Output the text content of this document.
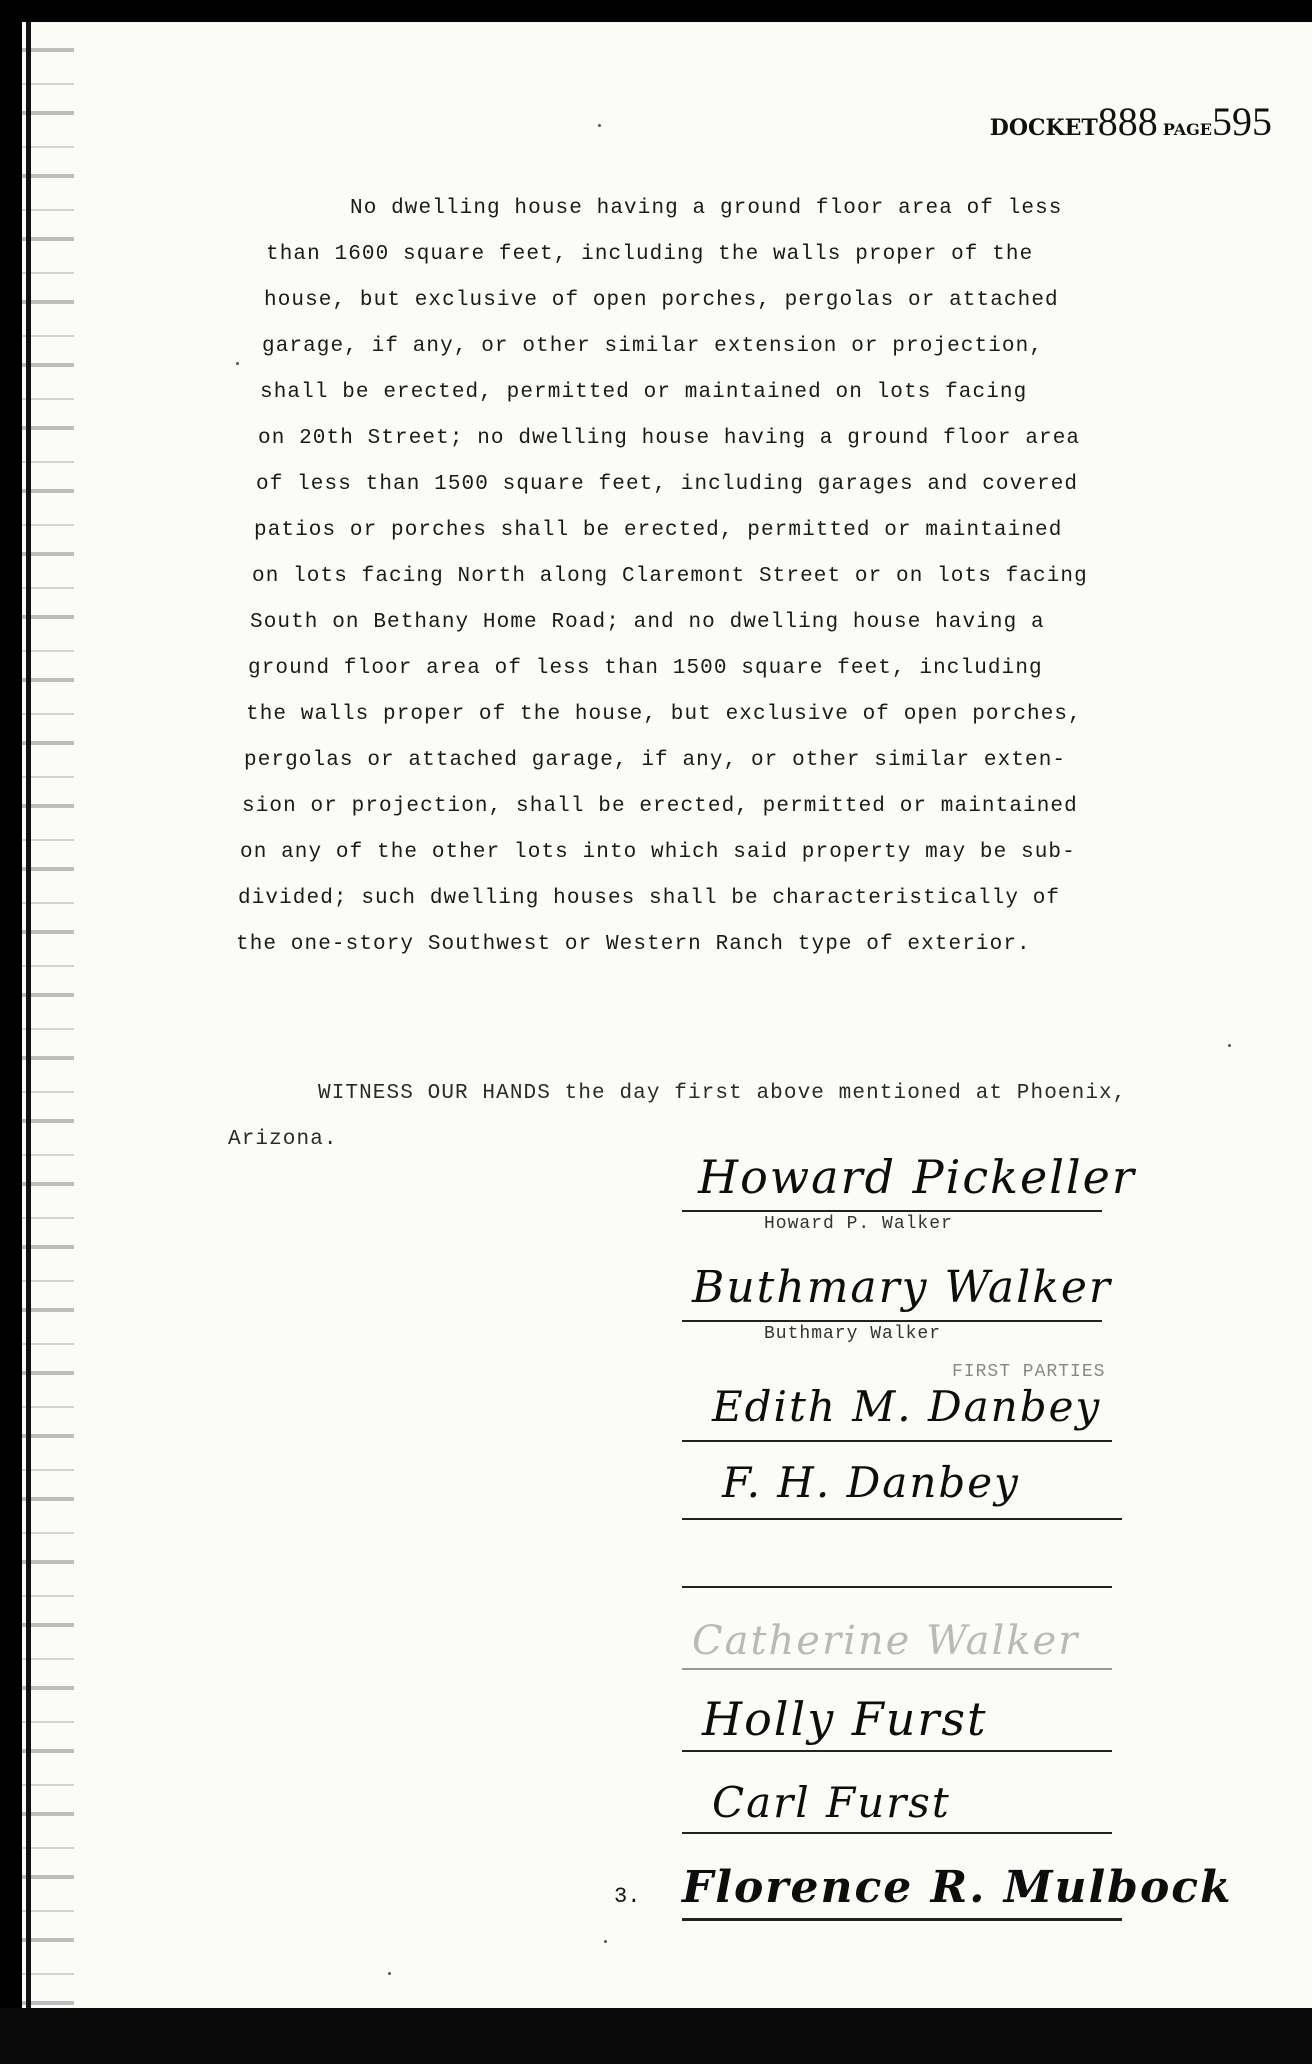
DOCKET888 PAGE595
No dwelling house having a ground floor area of less
than 1600 square feet, including the walls proper of the
house, but exclusive of open porches, pergolas or attached
garage, if any, or other similar extension or projection,
shall be erected, permitted or maintained on lots facing
on 20th Street; no dwelling house having a ground floor area
of less than 1500 square feet, including garages and covered
patios or porches shall be erected, permitted or maintained
on lots facing North along Claremont Street or on lots facing
South on Bethany Home Road; and no dwelling house having a
ground floor area of less than 1500 square feet, including
the walls proper of the house, but exclusive of open porches,
pergolas or attached garage, if any, or other similar exten-
sion or projection, shall be erected, permitted or maintained
on any of the other lots into which said property may be sub-
divided; such dwelling houses shall be characteristically of
the one-story Southwest or Western Ranch type of exterior.
WITNESS OUR HANDS the day first above mentioned at Phoenix,
Arizona.
Howard Pickeller
Howard P. Walker
Buthmary Walker
Buthmary Walker
FIRST PARTIES
Edith M. Danbey
F. H. Danbey
Catherine Walker
Holly Furst
Carl Furst
3. Florence R. Mulbock
